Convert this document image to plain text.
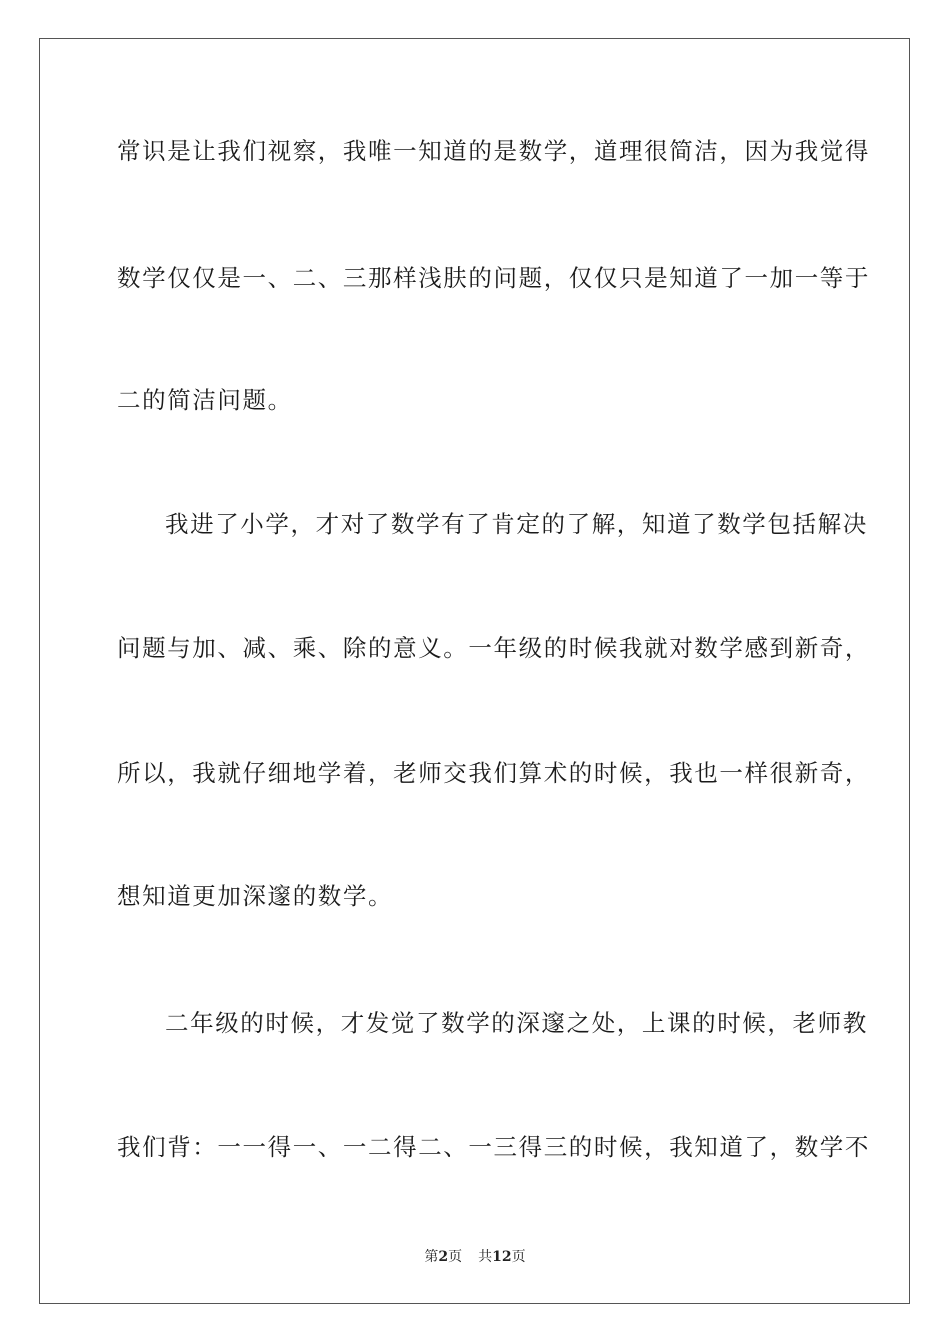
常识是让我们视察，我唯一知道的是数学，道理很简洁，因为我觉得
数学仅仅是一、二、三那样浅肤的问题，仅仅只是知道了一加一等于
二的简洁问题。
我进了小学，才对了数学有了肯定的了解，知道了数学包括解决
问题与加、减、乘、除的意义。一年级的时候我就对数学感到新奇，
所以，我就仔细地学着，老师交我们算术的时候，我也一样很新奇，
想知道更加深邃的数学。
二年级的时候，才发觉了数学的深邃之处，上课的时候，老师教
我们背：一一得一、一二得二、一三得三的时候，我知道了，数学不
第2页 共12页
